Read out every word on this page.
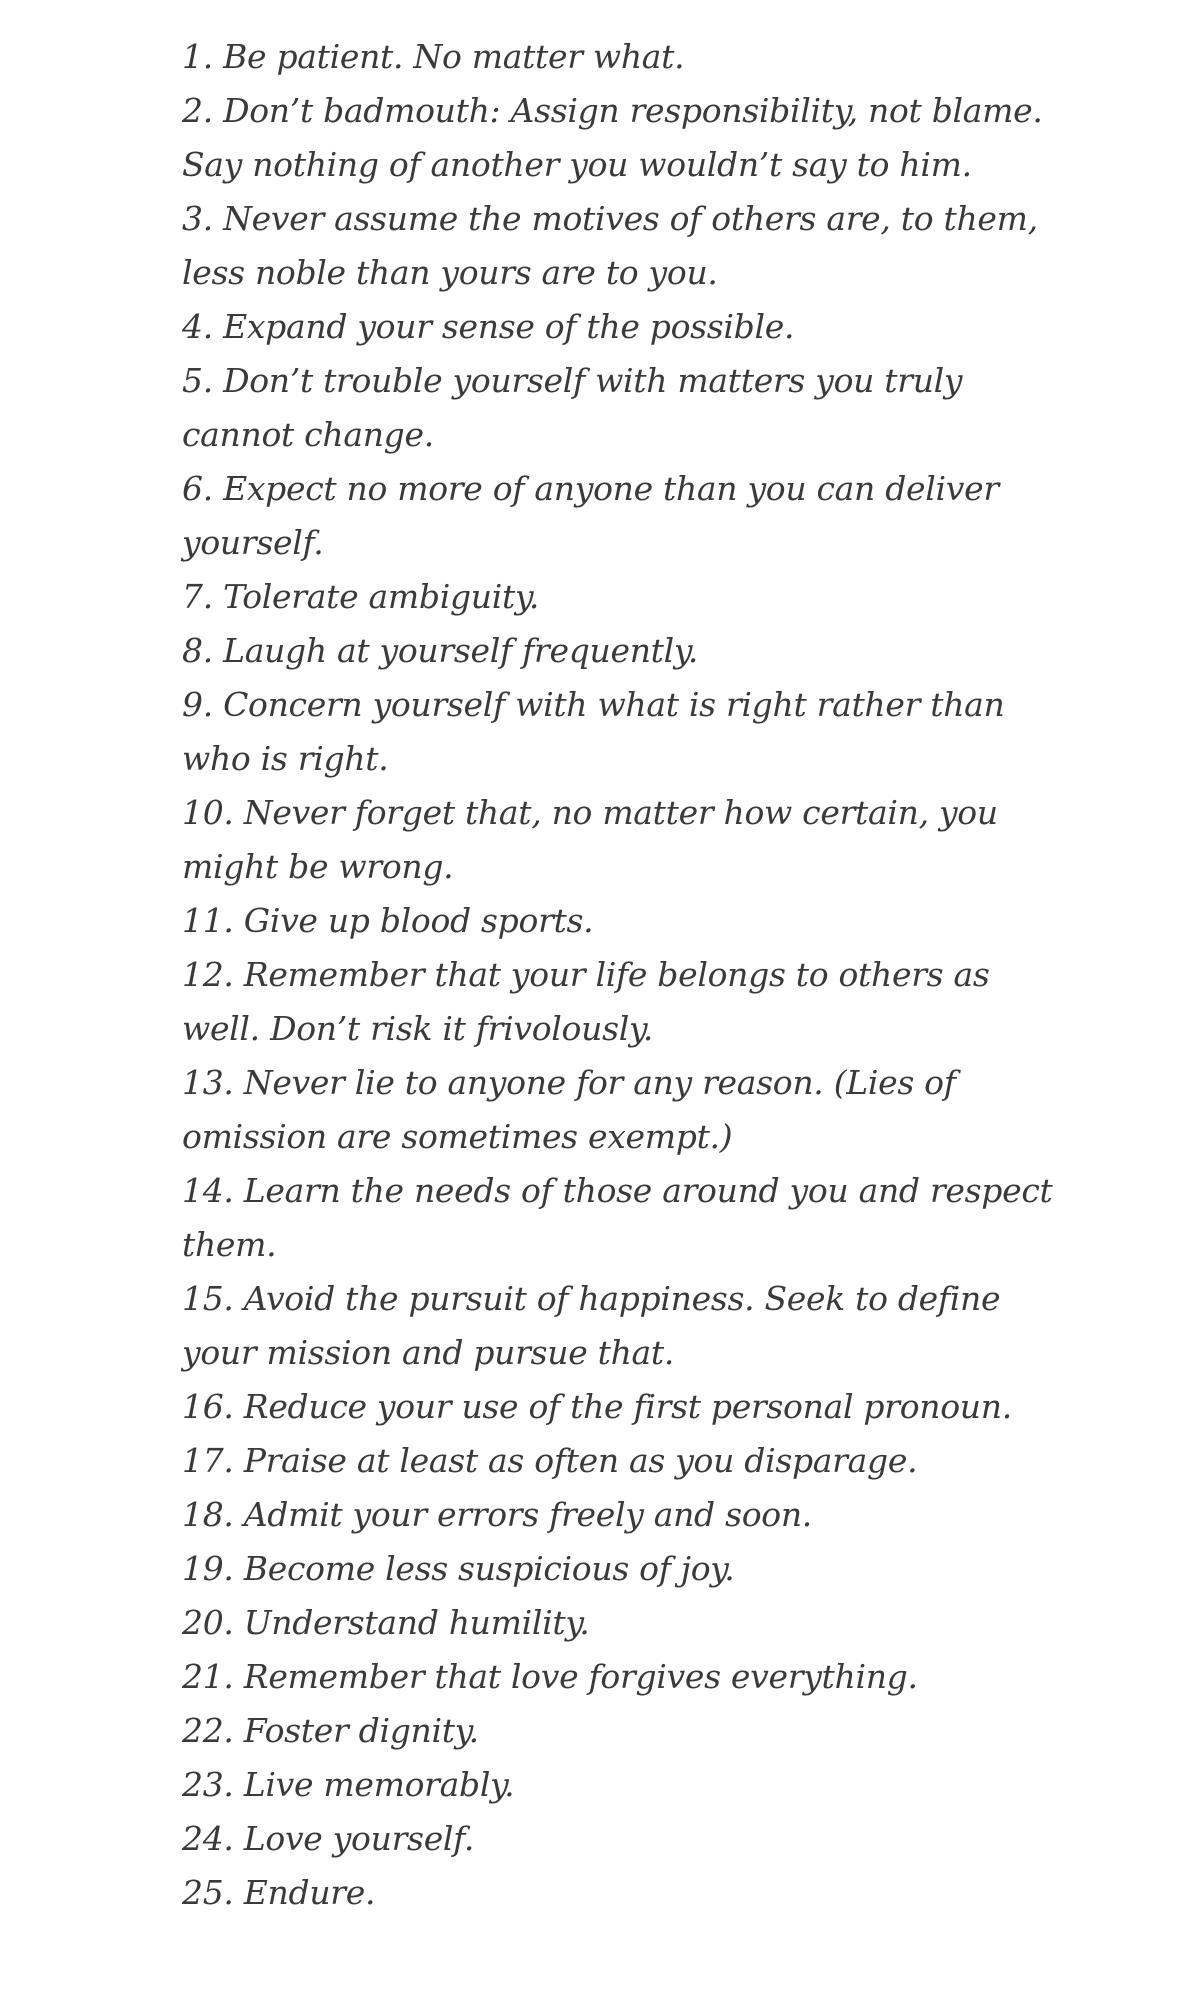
1. Be patient. No matter what.
2. Don’t badmouth: Assign responsibility, not blame. Say nothing of another you wouldn’t say to him.
3. Never assume the motives of others are, to them, less noble than yours are to you.
4. Expand your sense of the possible.
5. Don’t trouble yourself with matters you truly cannot change.
6. Expect no more of anyone than you can deliver yourself.
7. Tolerate ambiguity.
8. Laugh at yourself frequently.
9. Concern yourself with what is right rather than who is right.
10. Never forget that, no matter how certain, you might be wrong.
11. Give up blood sports.
12. Remember that your life belongs to others as well. Don’t risk it frivolously.
13. Never lie to anyone for any reason. (Lies of omission are sometimes exempt.)
14. Learn the needs of those around you and respect them.
15. Avoid the pursuit of happiness. Seek to define your mission and pursue that.
16. Reduce your use of the first personal pronoun.
17. Praise at least as often as you disparage.
18. Admit your errors freely and soon.
19. Become less suspicious of joy.
20. Understand humility.
21. Remember that love forgives everything.
22. Foster dignity.
23. Live memorably.
24. Love yourself.
25. Endure.
